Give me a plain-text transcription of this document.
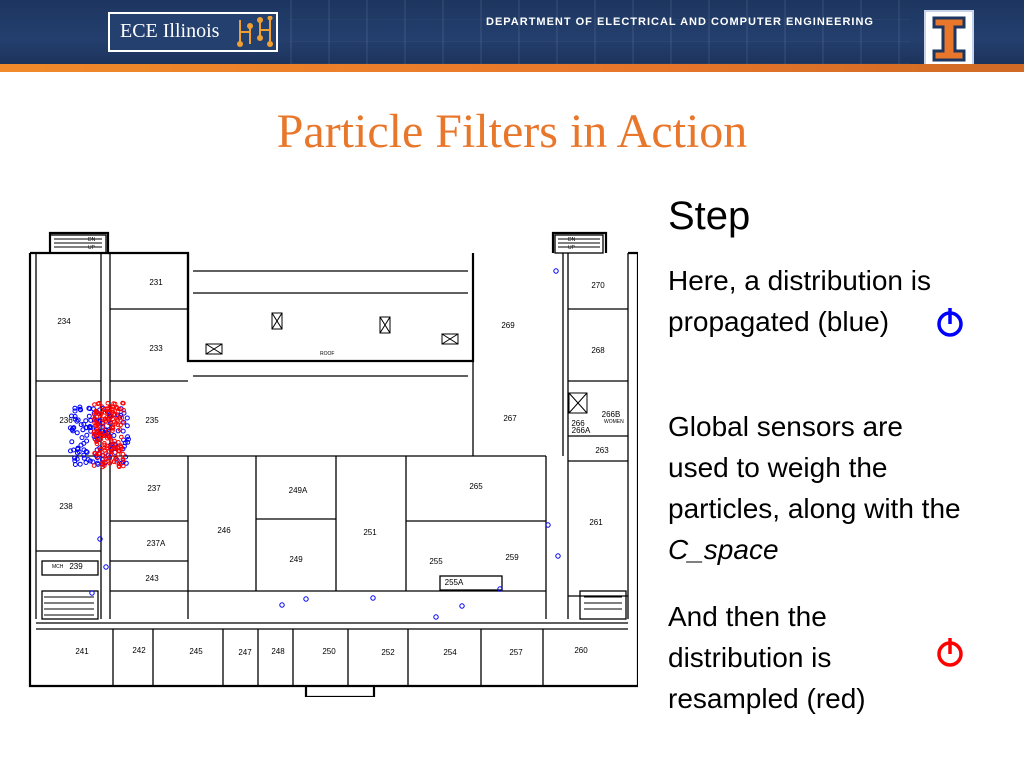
ECE Illinois	DEPARTMENT OF ELECTRICAL AND COMPUTER ENGINEERING
Particle Filters in Action
Step
Here, a distribution is propagated (blue)
Global sensors are used to weigh the particles, along with the C_space
And then the distribution is resampled (red)
231
233
234
235
236
237
237A
238
239
243
246
249A
249
251
265
255	259
269
267
270
268
263
261
266B
266
266A
241	242	245	247 248	250	252	254	257	260
255A
MCH
ROOF
WOMEN
DN
UP
DN
UP
